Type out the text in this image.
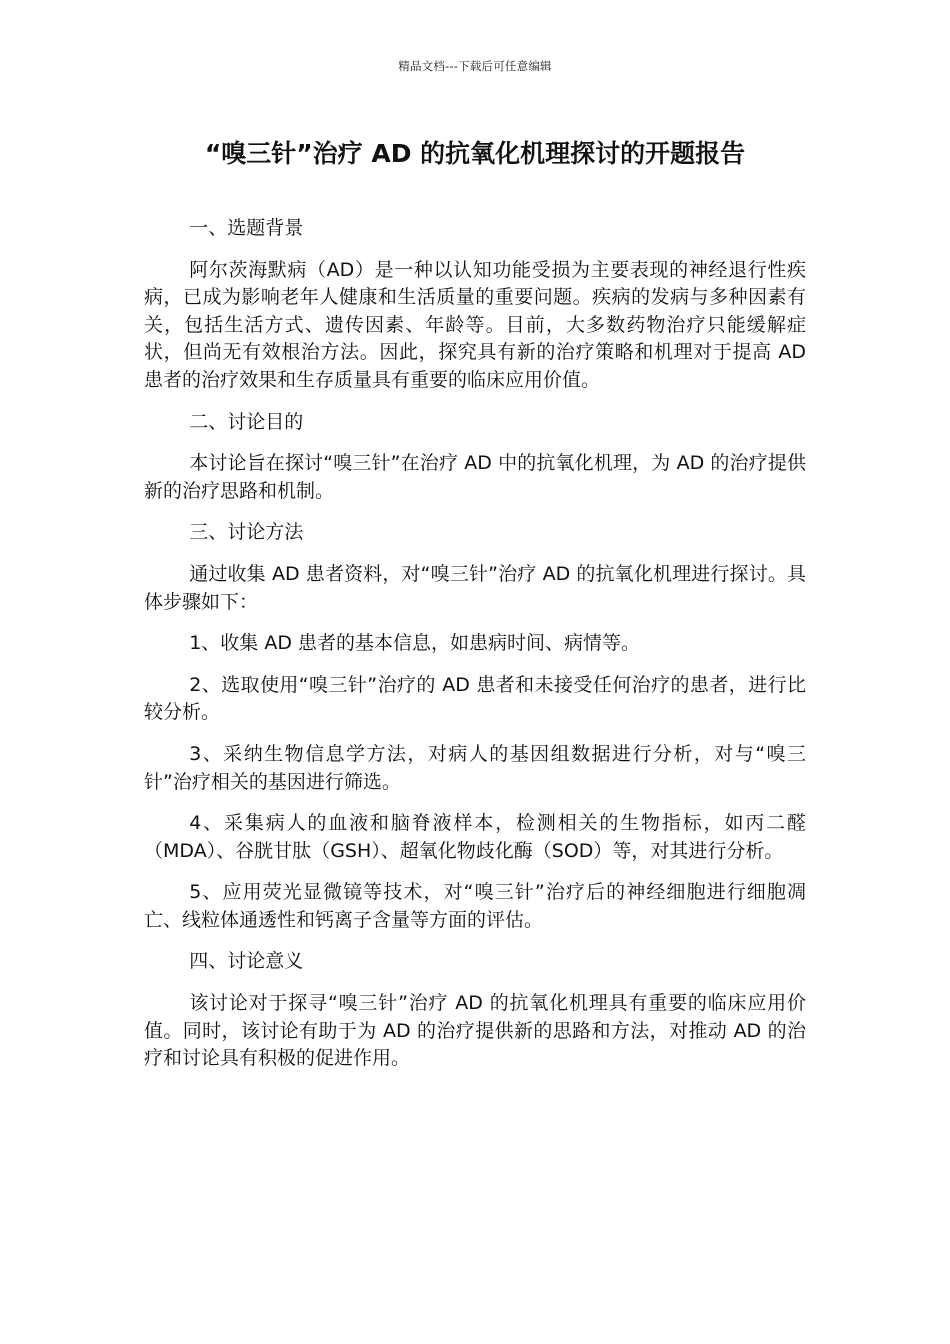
精品文档---下载后可任意编辑
“嗅三针”治疗 AD 的抗氧化机理探讨的开题报告

一、选题背景

阿尔茨海默病（AD）是一种以认知功能受损为主要表现的神经退行性疾病，已成为影响老年人健康和生活质量的重要问题。疾病的发病与多种因素有关，包括生活方式、遗传因素、年龄等。目前，大多数药物治疗只能缓解症状，但尚无有效根治方法。因此，探究具有新的治疗策略和机理对于提高 AD 患者的治疗效果和生存质量具有重要的临床应用价值。

二、讨论目的

本讨论旨在探讨“嗅三针”在治疗 AD 中的抗氧化机理，为 AD 的治疗提供新的治疗思路和机制。

三、讨论方法

通过收集 AD 患者资料，对“嗅三针”治疗 AD 的抗氧化机理进行探讨。具体步骤如下：

1、收集 AD 患者的基本信息，如患病时间、病情等。

2、选取使用“嗅三针”治疗的 AD 患者和未接受任何治疗的患者，进行比较分析。

3、采纳生物信息学方法，对病人的基因组数据进行分析，对与“嗅三针”治疗相关的基因进行筛选。

4、采集病人的血液和脑脊液样本，检测相关的生物指标，如丙二醛（MDA）、谷胱甘肽（GSH）、超氧化物歧化酶（SOD）等，对其进行分析。

5、应用荧光显微镜等技术，对“嗅三针”治疗后的神经细胞进行细胞凋亡、线粒体通透性和钙离子含量等方面的评估。

四、讨论意义

该讨论对于探寻“嗅三针”治疗 AD 的抗氧化机理具有重要的临床应用价值。同时，该讨论有助于为 AD 的治疗提供新的思路和方法，对推动 AD 的治疗和讨论具有积极的促进作用。
